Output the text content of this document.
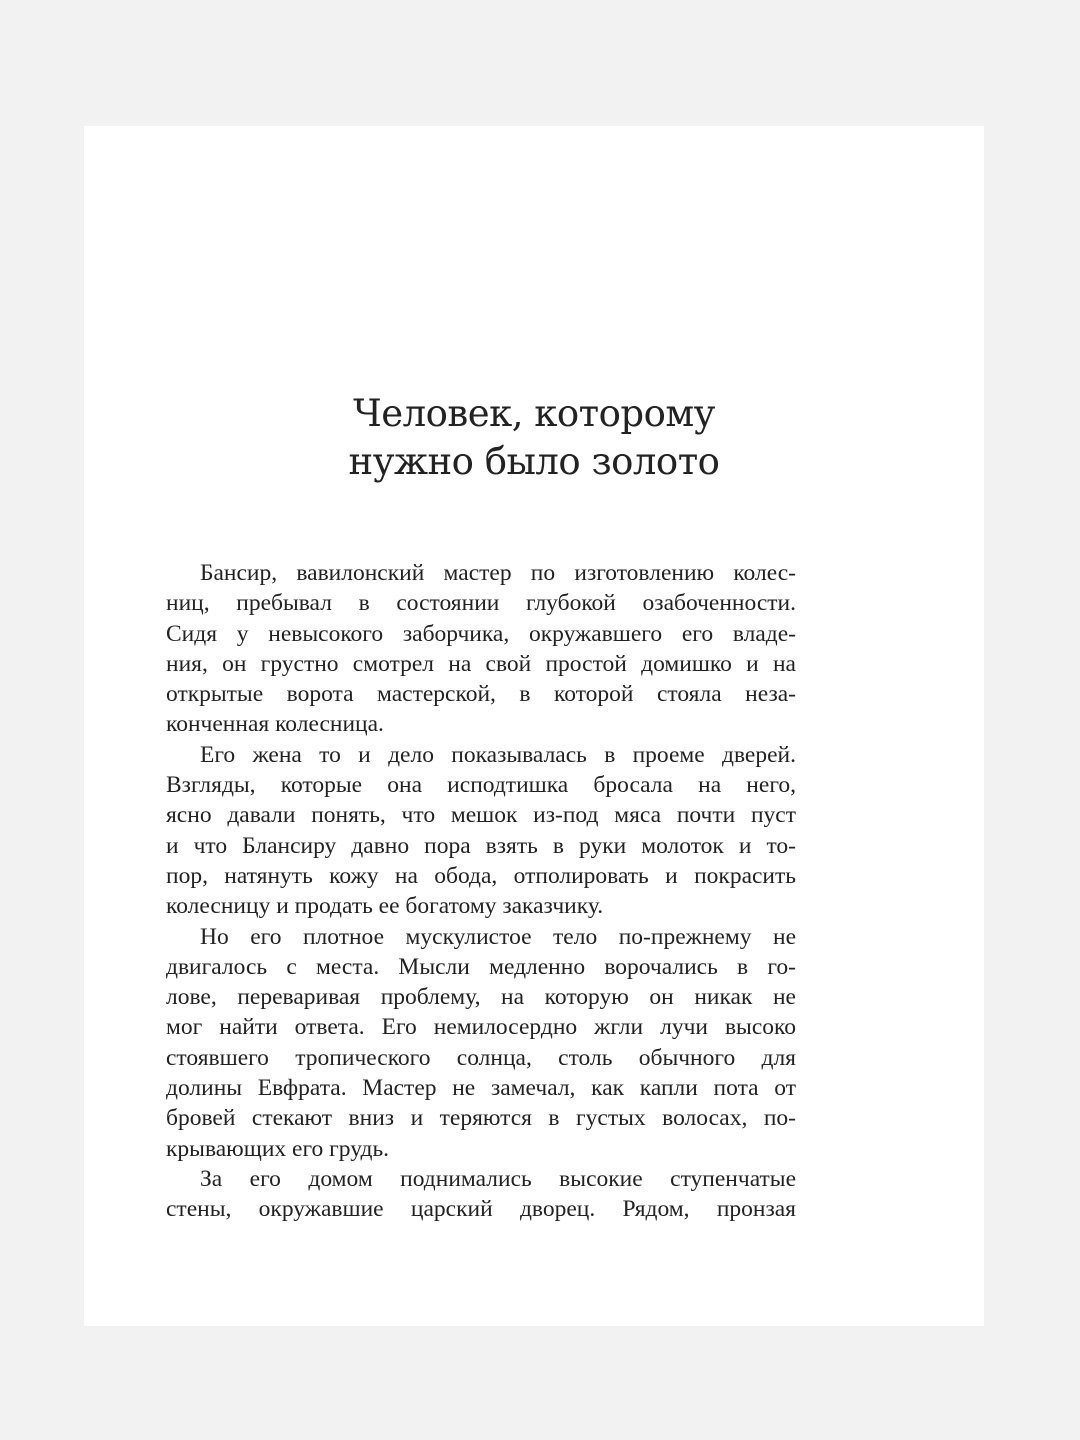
Человек, которому
нужно было золото
Бансир, вавилонский мастер по изготовлению колес-
ниц, пребывал в состоянии глубокой озабоченности.
Сидя у невысокого заборчика, окружавшего его владе-
ния, он грустно смотрел на свой простой домишко и на
открытые ворота мастерской, в которой стояла неза-
конченная колесница.
Его жена то и дело показывалась в проеме дверей.
Взгляды, которые она исподтишка бросала на него,
ясно давали понять, что мешок из-под мяса почти пуст
и что Блансиру давно пора взять в руки молоток и то-
пор, натянуть кожу на обода, отполировать и покрасить
колесницу и продать ее богатому заказчику.
Но его плотное мускулистое тело по-прежнему не
двигалось с места. Мысли медленно ворочались в го-
лове, переваривая проблему, на которую он никак не
мог найти ответа. Его немилосердно жгли лучи высоко
стоявшего тропического солнца, столь обычного для
долины Евфрата. Мастер не замечал, как капли пота от
бровей стекают вниз и теряются в густых волосах, по-
крывающих его грудь.
За его домом поднимались высокие ступенчатые
стены, окружавшие царский дворец. Рядом, пронзая
